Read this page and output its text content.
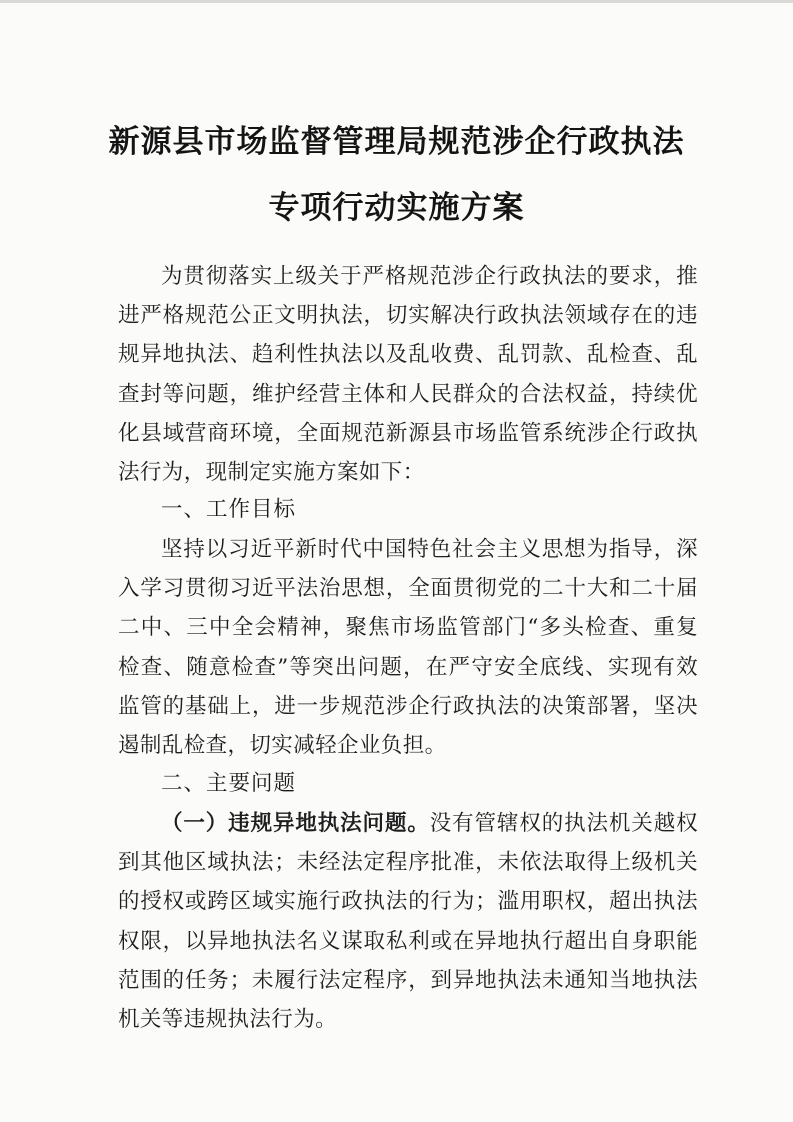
新源县市场监督管理局规范涉企行政执法
专项行动实施方案

为贯彻落实上级关于严格规范涉企行政执法的要求，推进严格规范公正文明执法，切实解决行政执法领域存在的违规异地执法、趋利性执法以及乱收费、乱罚款、乱检查、乱查封等问题，维护经营主体和人民群众的合法权益，持续优化县域营商环境，全面规范新源县市场监管系统涉企行政执法行为，现制定实施方案如下：

一、工作目标

坚持以习近平新时代中国特色社会主义思想为指导，深入学习贯彻习近平法治思想，全面贯彻党的二十大和二十届二中、三中全会精神，聚焦市场监管部门“多头检查、重复检查、随意检查”等突出问题，在严守安全底线、实现有效监管的基础上，进一步规范涉企行政执法的决策部署，坚决遏制乱检查，切实减轻企业负担。

二、主要问题

（一）违规异地执法问题。没有管辖权的执法机关越权到其他区域执法；未经法定程序批准，未依法取得上级机关的授权或跨区域实施行政执法的行为；滥用职权，超出执法权限，以异地执法名义谋取私利或在异地执行超出自身职能范围的任务；未履行法定程序，到异地执法未通知当地执法机关等违规执法行为。
